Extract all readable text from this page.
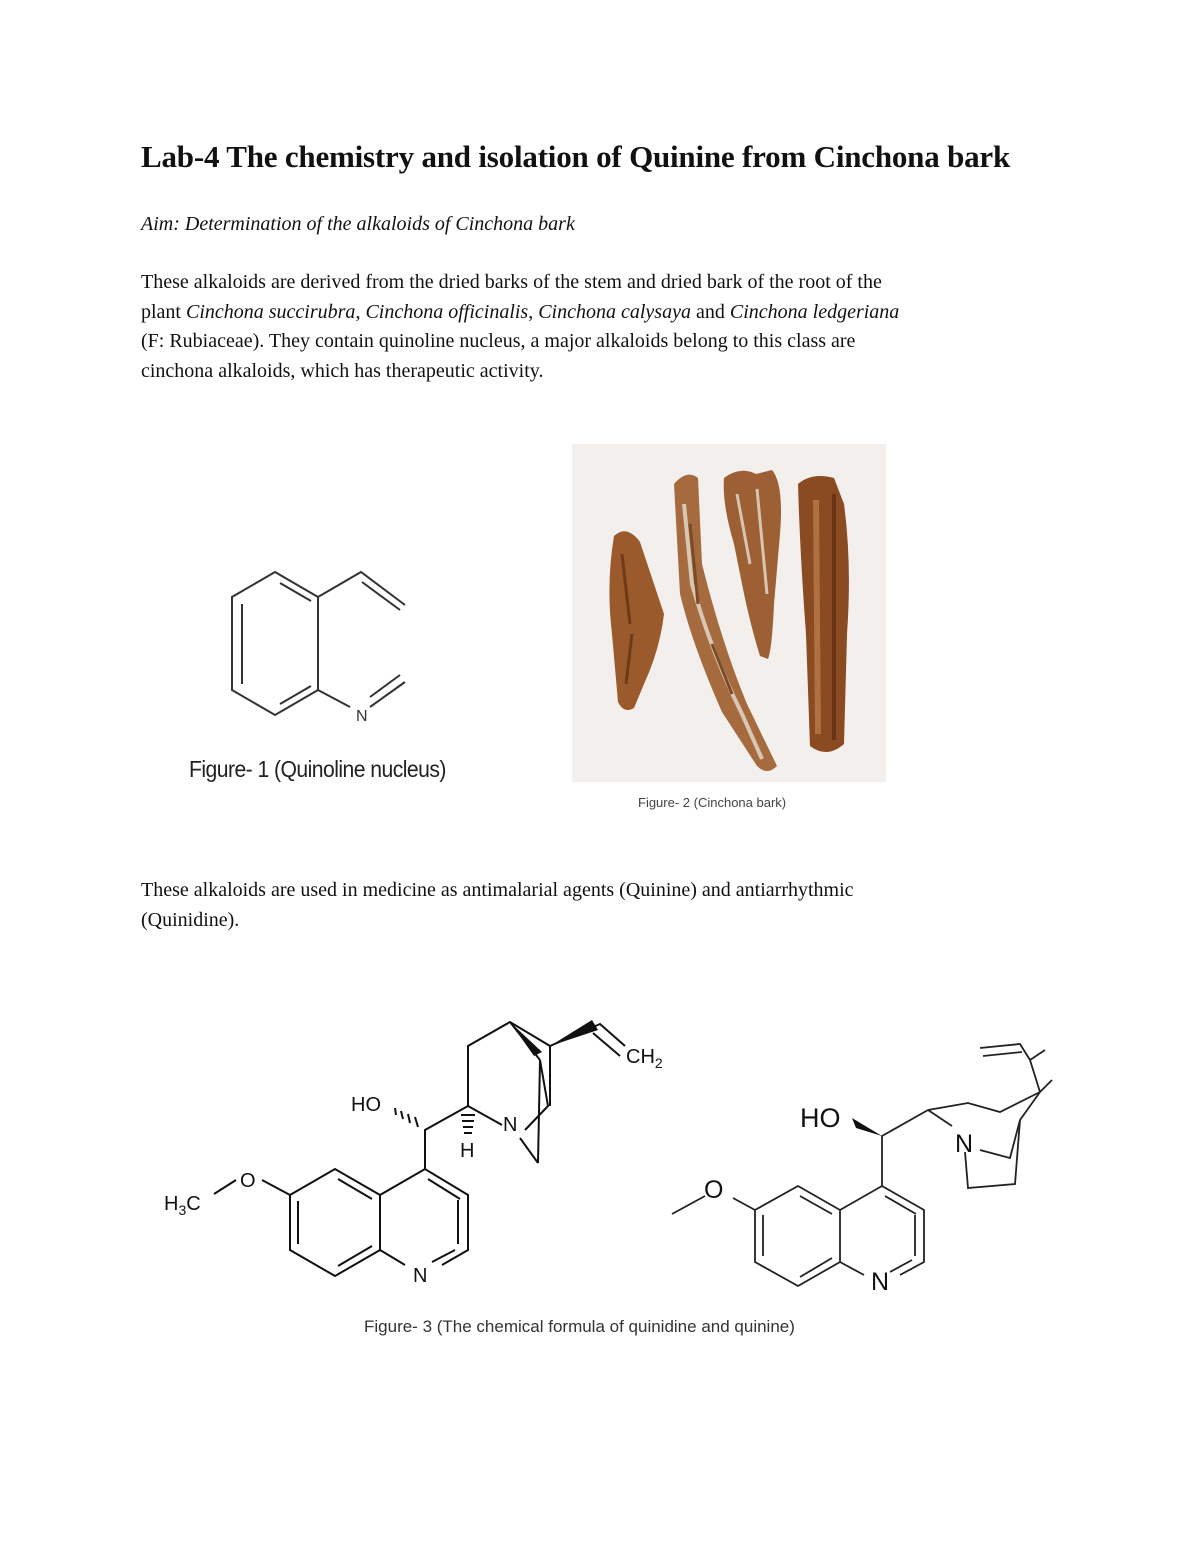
Lab-4 The chemistry and isolation of Quinine from Cinchona bark
Aim: Determination of the alkaloids of Cinchona bark

These alkaloids are derived from the dried barks of the stem and dried bark of the root of the
plant Cinchona succirubra, Cinchona officinalis, Cinchona calysaya and Cinchona ledgeriana
(F: Rubiaceae). They contain quinoline nucleus, a major alkaloids belong to this class are
cinchona alkaloids, which has therapeutic activity.

N
Figure- 1 (Quinoline nucleus)
Figure- 2 (Cinchona bark)

These alkaloids are used in medicine as antimalarial agents (Quinine) and antiarrhythmic
(Quinidine).

HO
H
N
N
O
$H_3C$
$CH_2$
HO
N
N
O
Figure- 3 (The chemical formula of quinidine and quinine)
